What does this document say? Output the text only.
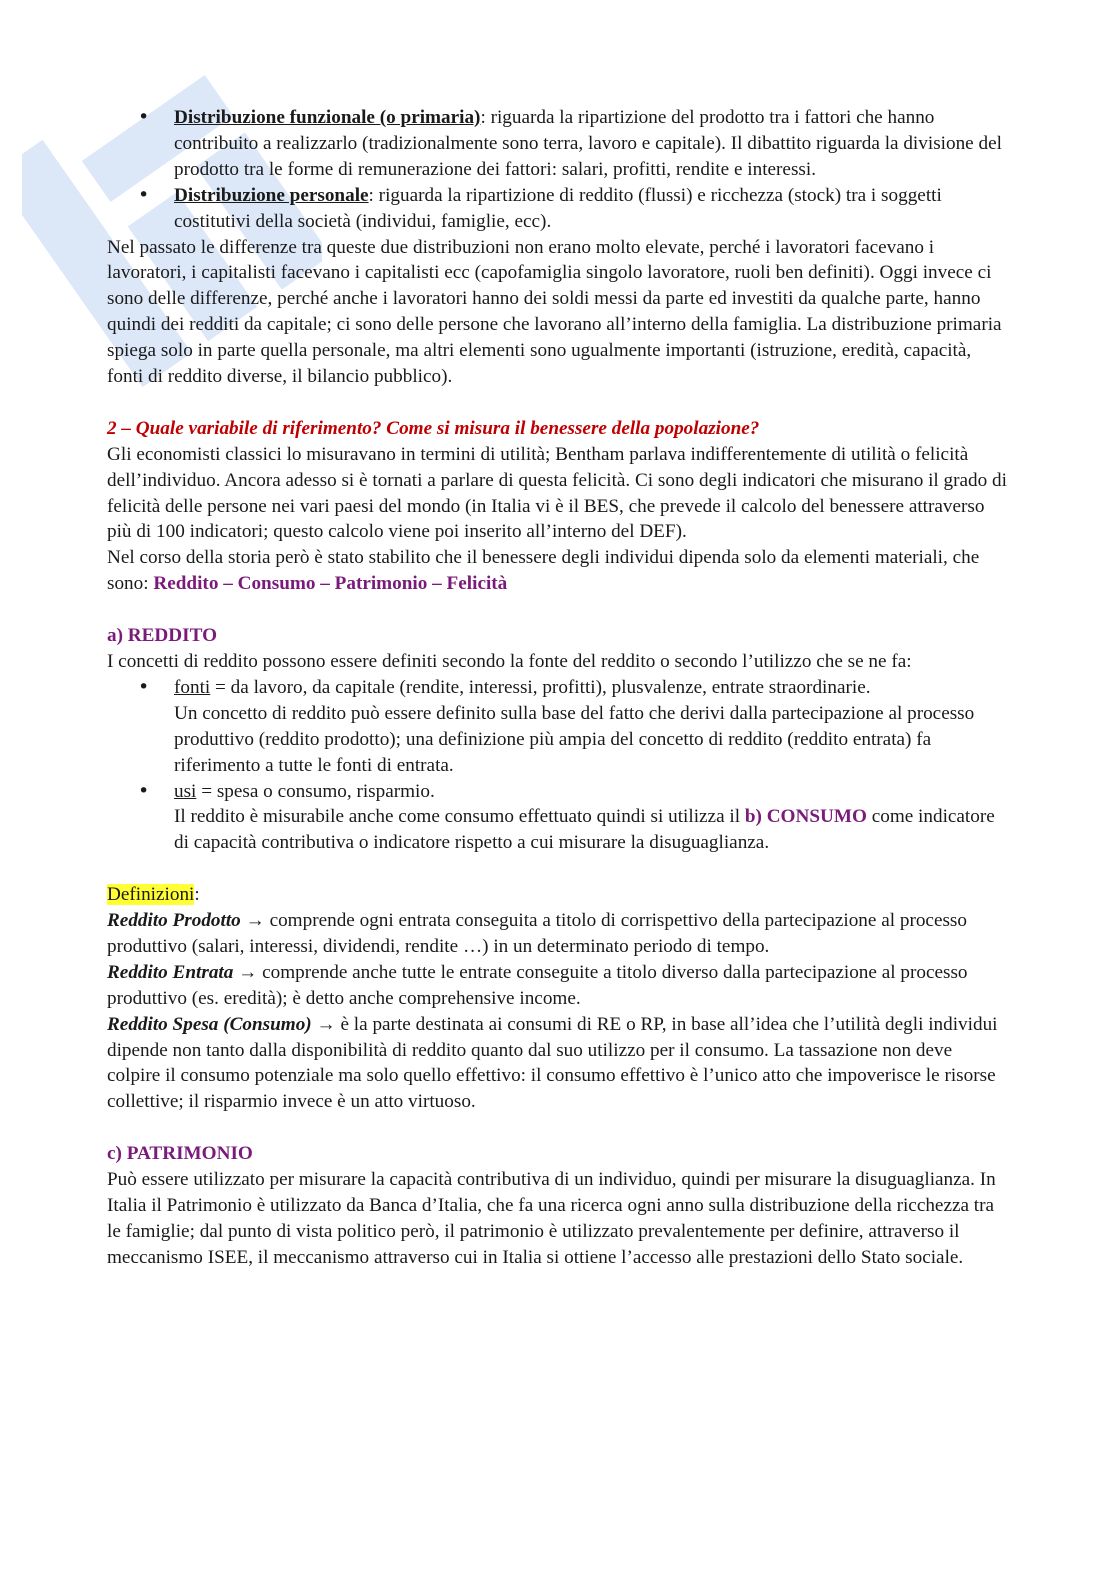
• Distribuzione funzionale (o primaria): riguarda la ripartizione del prodotto tra i fattori che hanno contribuito a realizzarlo (tradizionalmente sono terra, lavoro e capitale). Il dibattito riguarda la divisione del prodotto tra le forme di remunerazione dei fattori: salari, profitti, rendite e interessi.
• Distribuzione personale: riguarda la ripartizione di reddito (flussi) e ricchezza (stock) tra i soggetti costitutivi della società (individui, famiglie, ecc).

Nel passato le differenze tra queste due distribuzioni non erano molto elevate, perché i lavoratori facevano i lavoratori, i capitalisti facevano i capitalisti ecc (capofamiglia singolo lavoratore, ruoli ben definiti). Oggi invece ci sono delle differenze, perché anche i lavoratori hanno dei soldi messi da parte ed investiti da qualche parte, hanno quindi dei redditi da capitale; ci sono delle persone che lavorano all’interno della famiglia. La distribuzione primaria spiega solo in parte quella personale, ma altri elementi sono ugualmente importanti (istruzione, eredità, capacità, fonti di reddito diverse, il bilancio pubblico).

2 – Quale variabile di riferimento? Come si misura il benessere della popolazione?

Gli economisti classici lo misuravano in termini di utilità; Bentham parlava indifferentemente di utilità o felicità dell’individuo. Ancora adesso si è tornati a parlare di questa felicità. Ci sono degli indicatori che misurano il grado di felicità delle persone nei vari paesi del mondo (in Italia vi è il BES, che prevede il calcolo del benessere attraverso più di 100 indicatori; questo calcolo viene poi inserito all’interno del DEF).

Nel corso della storia però è stato stabilito che il benessere degli individui dipenda solo da elementi materiali, che sono: Reddito – Consumo – Patrimonio – Felicità

a) REDDITO

I concetti di reddito possono essere definiti secondo la fonte del reddito o secondo l’utilizzo che se ne fa:

• fonti = da lavoro, da capitale (rendite, interessi, profitti), plusvalenze, entrate straordinarie.
Un concetto di reddito può essere definito sulla base del fatto che derivi dalla partecipazione al processo produttivo (reddito prodotto); una definizione più ampia del concetto di reddito (reddito entrata) fa riferimento a tutte le fonti di entrata.
• usi = spesa o consumo, risparmio.
Il reddito è misurabile anche come consumo effettuato quindi si utilizza il b) CONSUMO come indicatore di capacità contributiva o indicatore rispetto a cui misurare la disuguaglianza.

Definizioni:

Reddito Prodotto → comprende ogni entrata conseguita a titolo di corrispettivo della partecipazione al processo produttivo (salari, interessi, dividendi, rendite …) in un determinato periodo di tempo.

Reddito Entrata → comprende anche tutte le entrate conseguite a titolo diverso dalla partecipazione al processo produttivo (es. eredità); è detto anche comprehensive income.

Reddito Spesa (Consumo) → è la parte destinata ai consumi di RE o RP, in base all’idea che l’utilità degli individui dipende non tanto dalla disponibilità di reddito quanto dal suo utilizzo per il consumo. La tassazione non deve colpire il consumo potenziale ma solo quello effettivo: il consumo effettivo è l’unico atto che impoverisce le risorse collettive; il risparmio invece è un atto virtuoso.

c) PATRIMONIO

Può essere utilizzato per misurare la capacità contributiva di un individuo, quindi per misurare la disuguaglianza. In Italia il Patrimonio è utilizzato da Banca d’Italia, che fa una ricerca ogni anno sulla distribuzione della ricchezza tra le famiglie; dal punto di vista politico però, il patrimonio è utilizzato prevalentemente per definire, attraverso il meccanismo ISEE, il meccanismo attraverso cui in Italia si ottiene l’accesso alle prestazioni dello Stato sociale.
